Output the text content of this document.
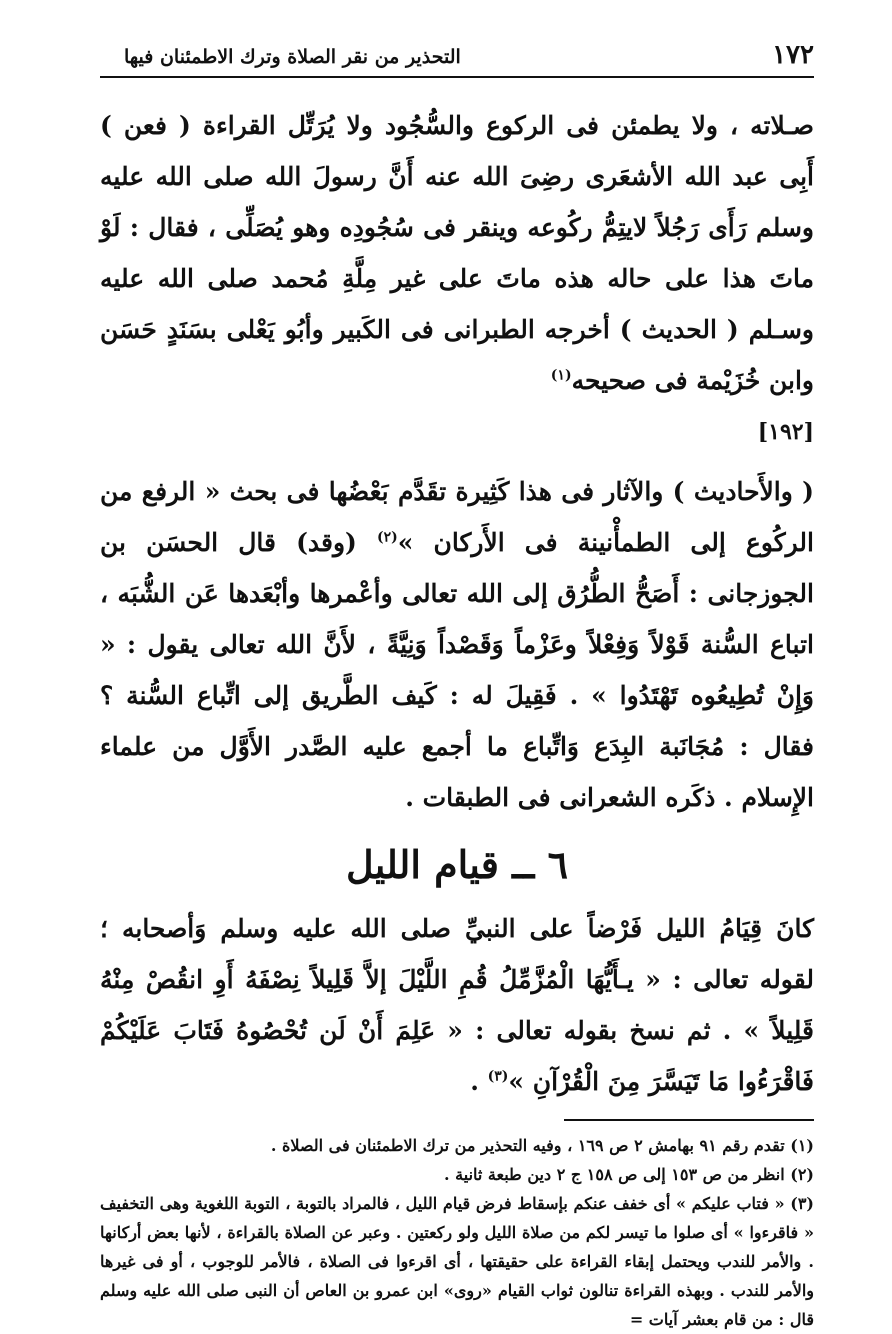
١٧٢
التحذير من نقر الصلاة وترك الاطمئنان فيها

صـلاته ، ولا يطمئن فى الركوع والسُّجُود ولا يُرَتِّل القراءة ( فعن ) أَبِى عبد الله الأشعَرى رضِىَ الله عنه أَنَّ رسولَ الله صلى الله عليه وسلم رَأَى رَجُلاً لايتِمُّ ركُوعه وينقر فى سُجُودِه وهو يُصَلِّى ، فقال : لَوْ ماتَ هذا على حاله هذه ماتَ على غير مِلَّةِ مُحمد صلى الله عليه وسـلم ( الحديث ) أخرجه الطبرانى فى الكَبير وأبُو يَعْلى بسَنَدٍ حَسَن وابن خُزَيْمة فى صحيحه$^{(١)}$

[١٩٢]

( والأَحاديث ) والآثار فى هذا كَثِيرة تقَدَّم بَعْضُها فى بحث « الرفع من الركُوع إلى الطمأْنينة فى الأَركان »$^{(٢)}$ (وقد) قال الحسَن بن الجوزجانى : أَصَحُّ الطُّرُق إلى الله تعالى وأعْمرها وأبْعَدها عَن الشُّبَه ، اتباع السُّنة قَوْلاً وَفِعْلاً وعَزْماً وَقَصْداً وَنِيَّةً ، لأَنَّ الله تعالى يقول : « وَإِنْ تُطِيعُوه تَهْتَدُوا » . فَقِيلَ له : كَيف الطَّريق إلى اتِّباع السُّنة ؟ فقال : مُجَانَبة البِدَع وَاتِّباع ما أجمع عليه الصَّدر الأَوَّل من علماء الإِسلام . ذكَره الشعرانى فى الطبقات .

٦ ــ قيام الليل

كانَ قِيَامُ الليل فَرْضاً على النبيِّ صلى الله عليه وسلم وَأصحابه ؛ لقوله تعالى : « يـأَيُّهَا الْمُزَّمِّلُ قُمِ اللَّيْلَ إلاَّ قَلِيلاً نِصْفَهُ أَوِ انقُصْ مِنْهُ قَلِيلاً » . ثم نسخ بقوله تعالى : « عَلِمَ أَنْ لَن تُحْصُوهُ فَتَابَ عَلَيْكُمْ فَاقْرَءُوا مَا تَيَسَّرَ مِنَ الْقُرْآنِ »$^{(٣)}$ .

(١) تقدم رقم ٩١ بهامش ٢ ص ١٦٩ ، وفيه التحذير من ترك الاطمئنان فى الصلاة .

(٢) انظر من ص ١٥٣ إلى ص ١٥٨ ج ٢ دين طبعة ثانية .

(٣) « فتاب عليكم » أى خفف عنكم بإسقاط فرض قيام الليل ، فالمراد بالتوبة ، التوبة اللغوية وهى التخفيف « فاقرءوا » أى صلوا ما تيسر لكم من صلاة الليل ولو ركعتين . وعبر عن الصلاة بالقراءة ، لأنها بعض أركانها . والأمر للندب ويحتمل إبقاء القراءة على حقيقتها ، أى اقرءوا فى الصلاة ، فالأمر للوجوب ، أو فى غيرها والأمر للندب . وبهذه القراءة تنالون ثواب القيام «روى» ابن عمرو بن العاص أن النبى صلى الله عليه وسلم قال : من قام بعشر آيات =
